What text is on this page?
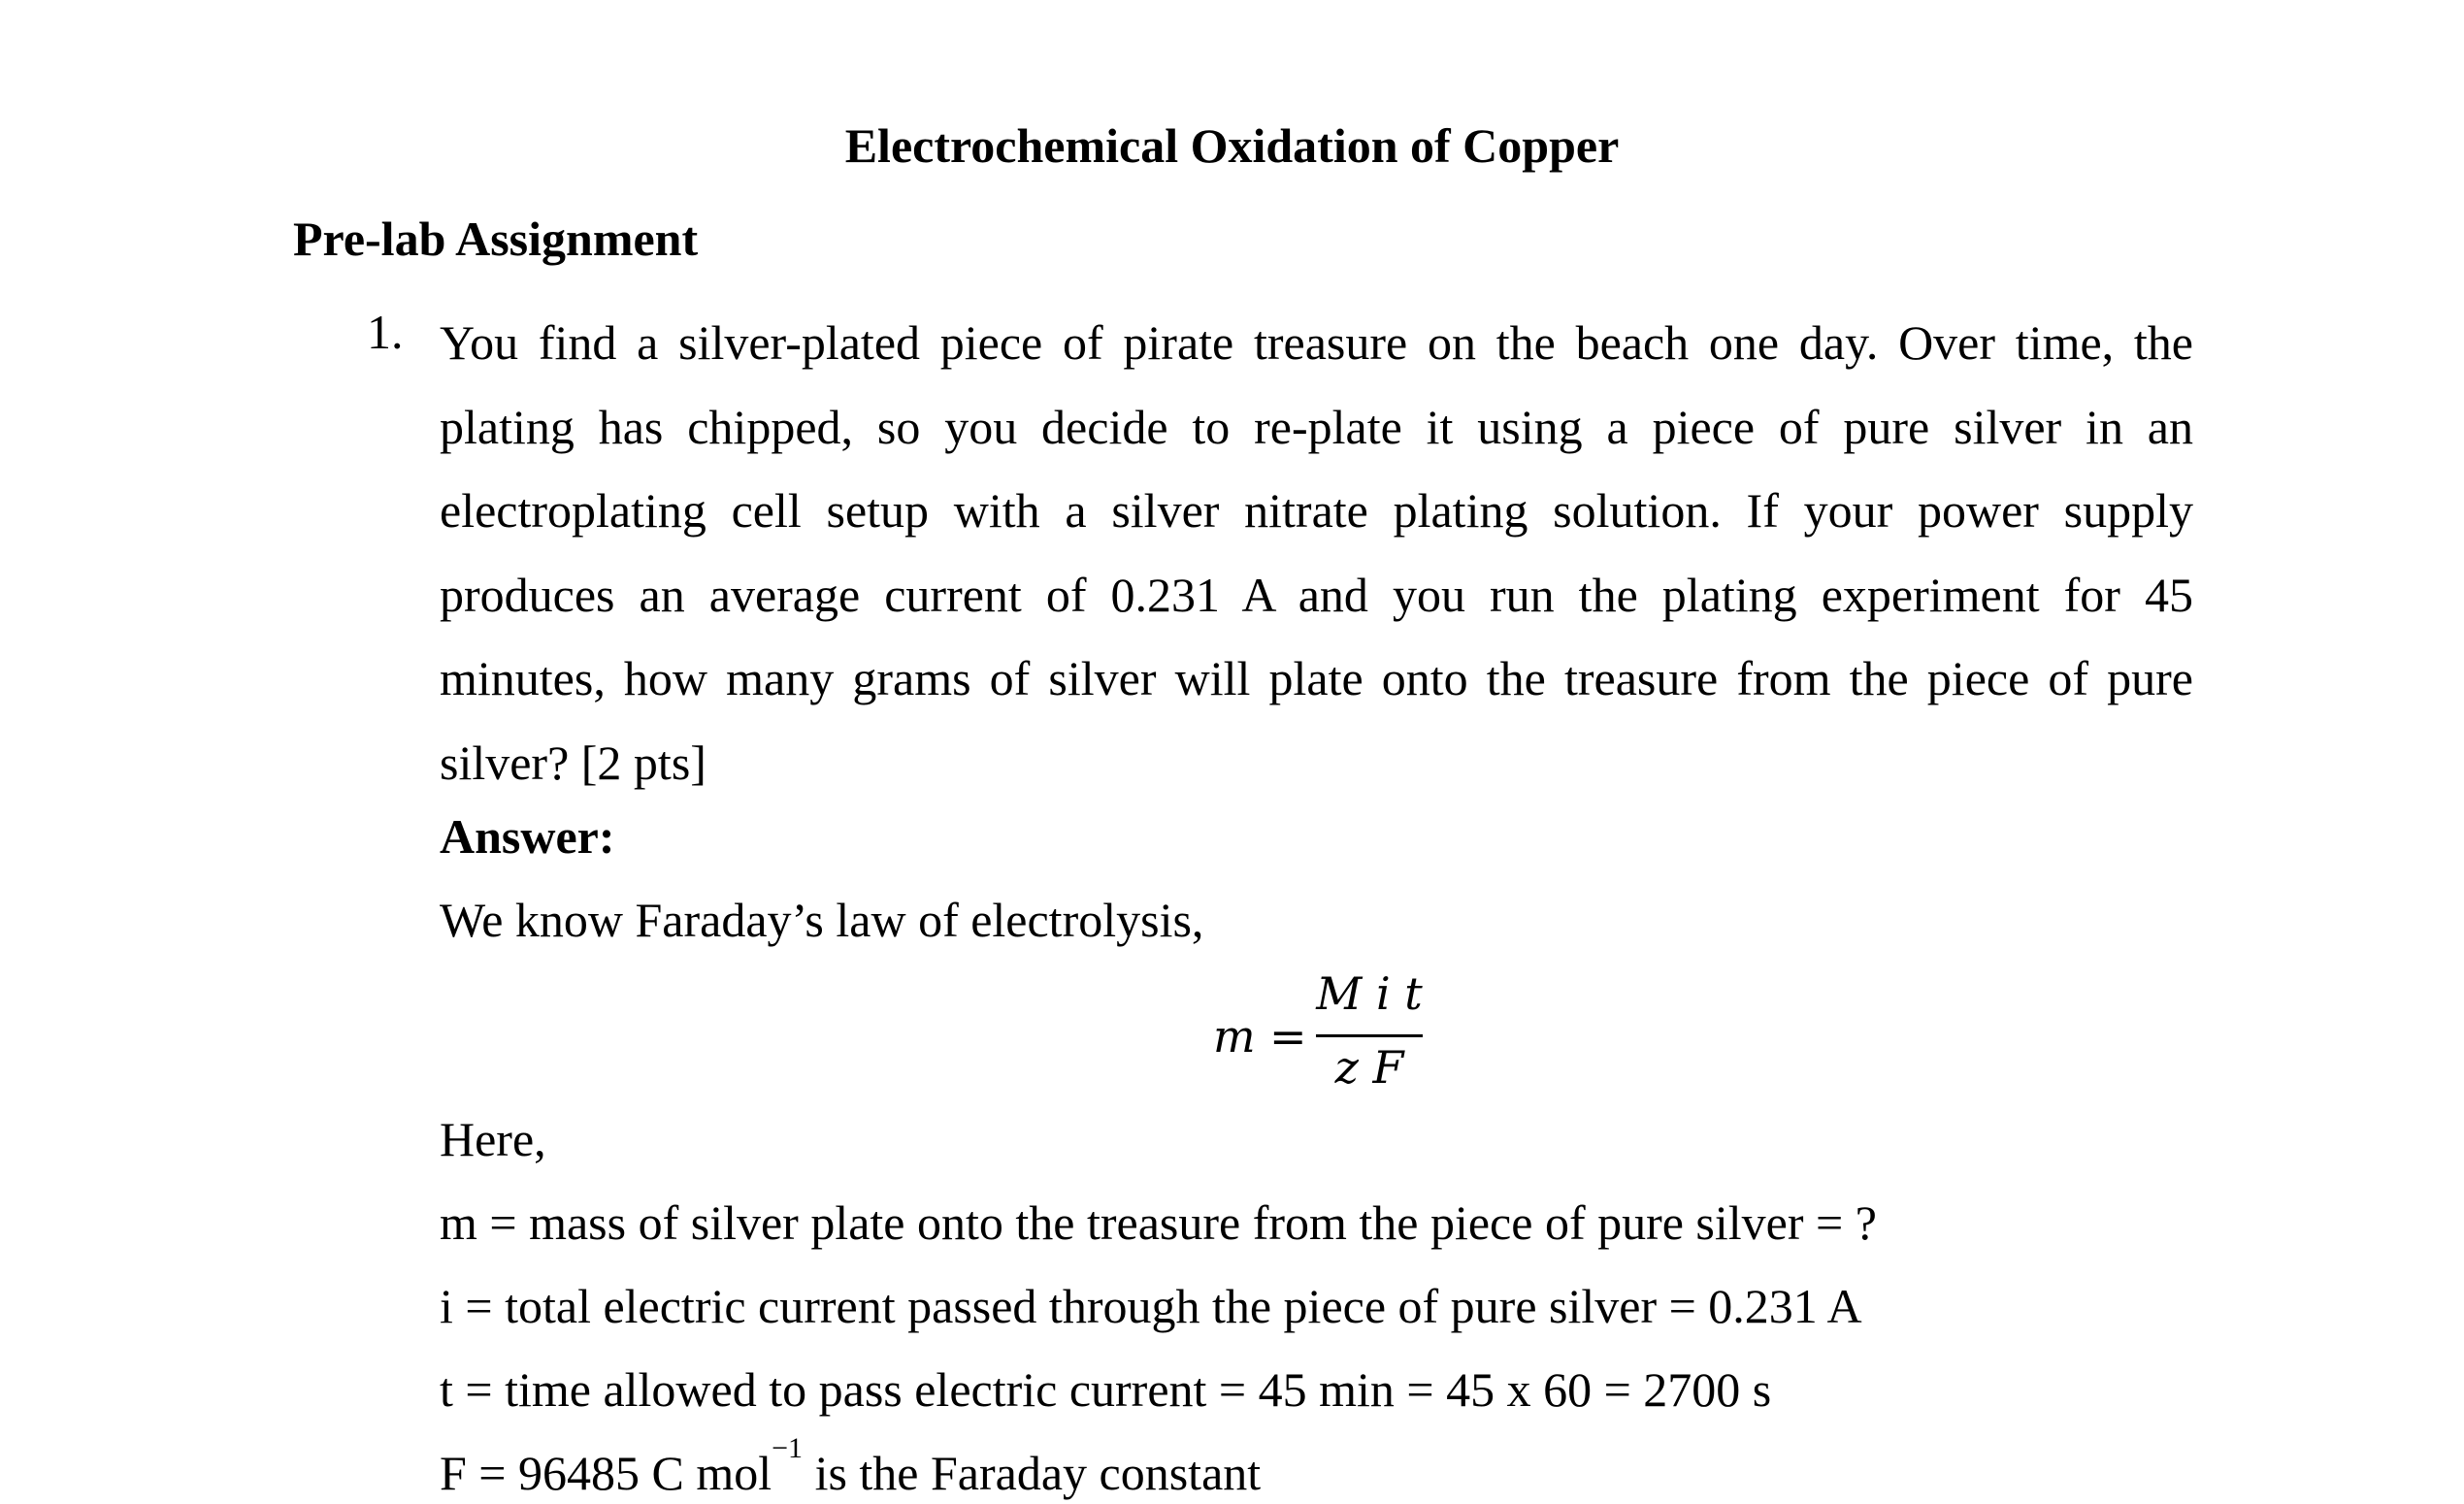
Electrochemical Oxidation of Copper
Pre-lab Assignment
1. You find a silver-plated piece of pirate treasure on the beach one day. Over time, the plating has chipped, so you decide to re-plate it using a piece of pure silver in an electroplating cell setup with a silver nitrate plating solution. If your power supply produces an average current of 0.231 A and you run the plating experiment for 45 minutes, how many grams of silver will plate onto the treasure from the piece of pure silver? [2 pts]
Answer:
We know Faraday’s law of electrolysis,
m =
M i t
z F
Here,
m = mass of silver plate onto the treasure from the piece of pure silver = ?
i = total electric current passed through the piece of pure silver = 0.231 A
t = time allowed to pass electric current = 45 min = 45 x 60 = 2700 s
F = 96485 C mol$^{-1}$ is the Faraday constant
